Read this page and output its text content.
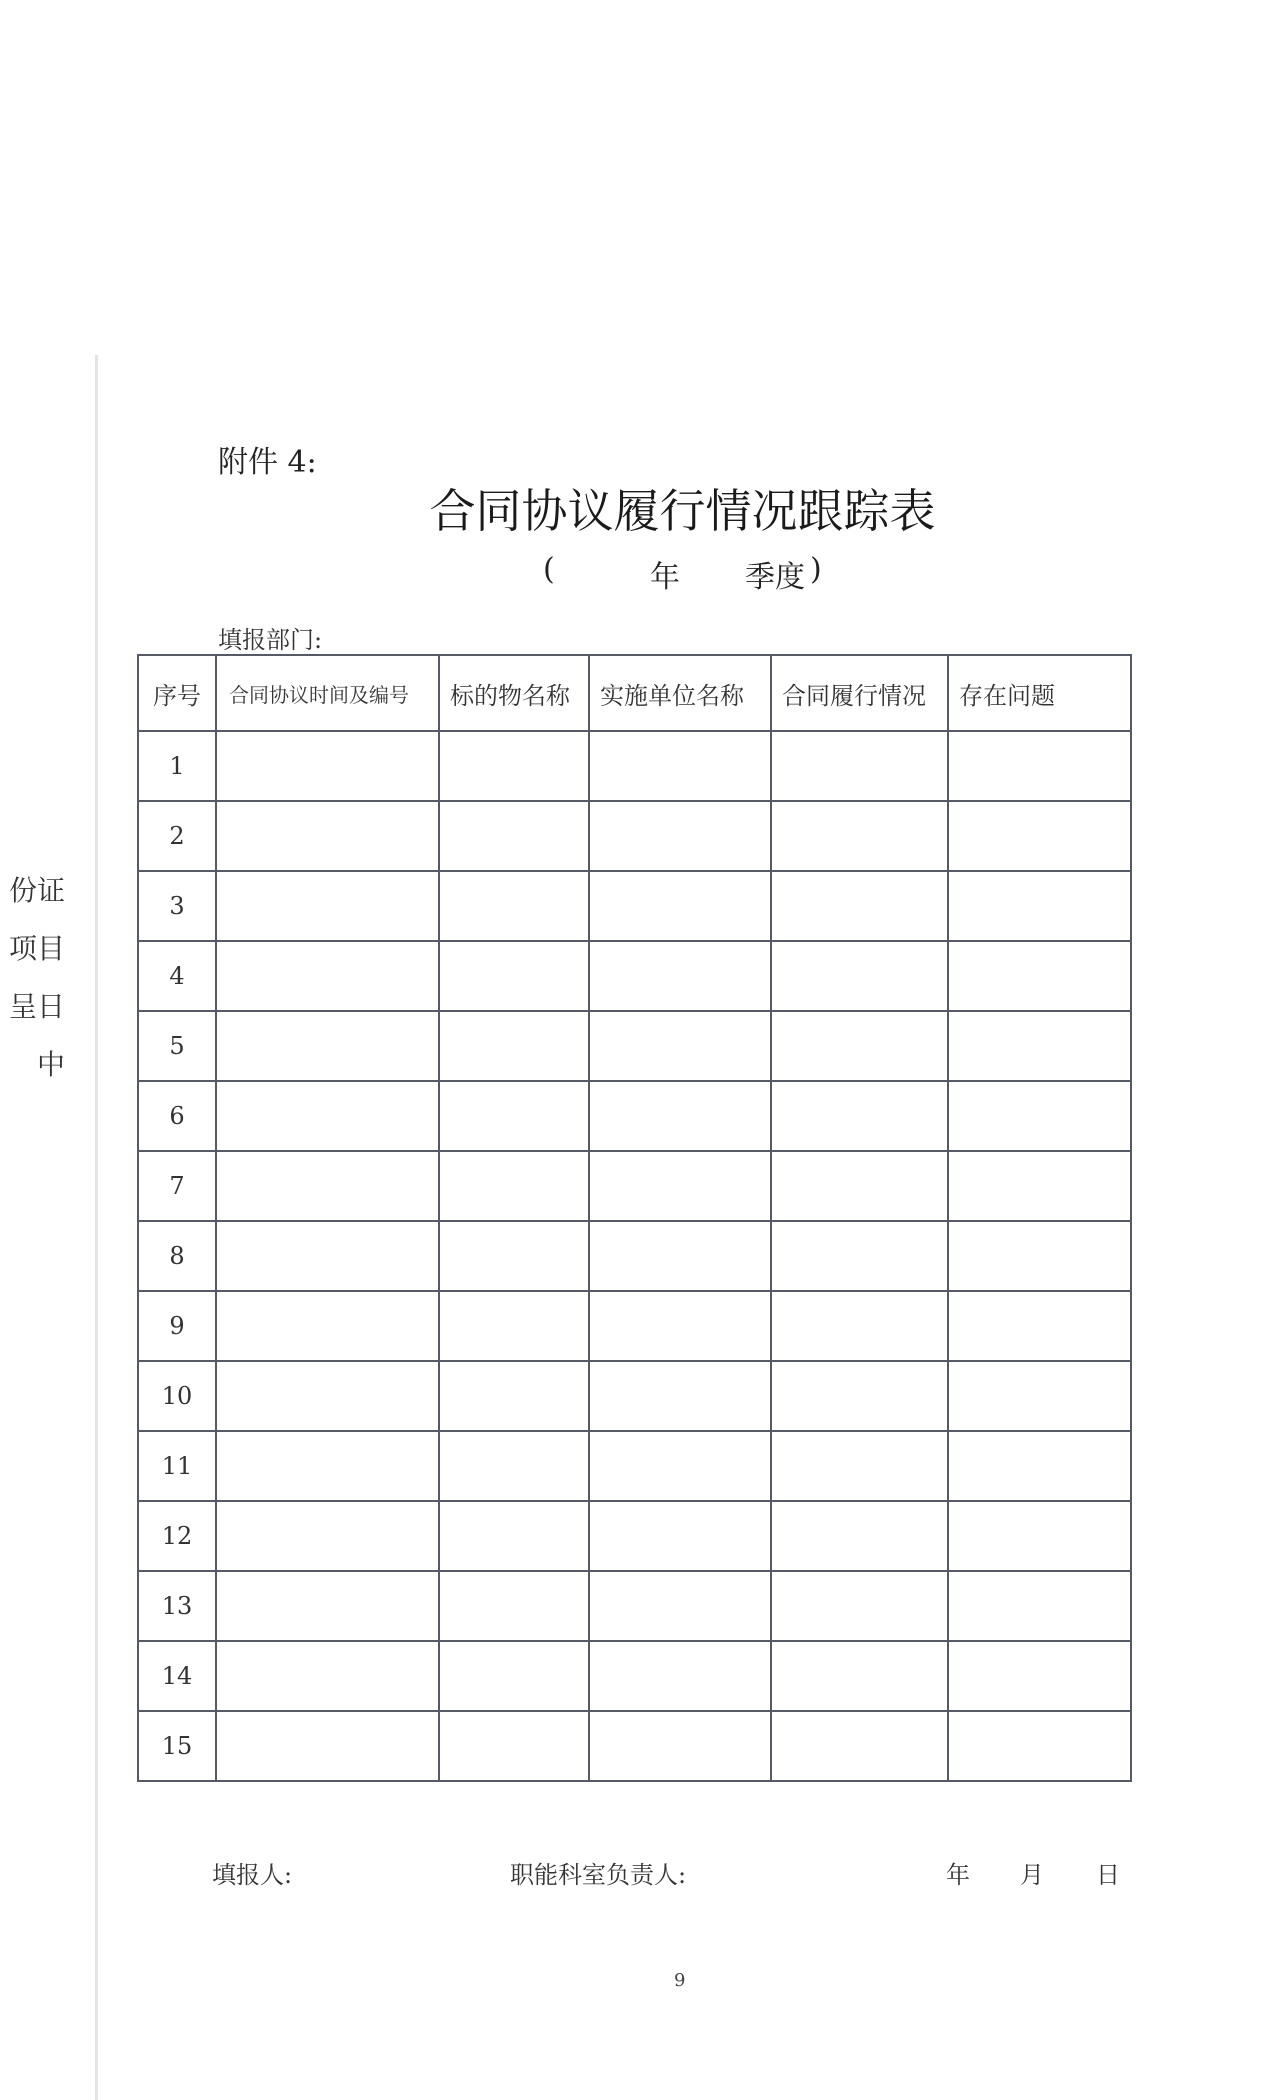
份
项
呈
证
目
日
中
附件 4:
合同协议履行情况跟踪表
(	年 季度 )
填报部门:
序号	合同协议时间及编号	标的物名称	实施单位名称	合同履行情况	存在问题
1					
2					
3					
4					
5					
6					
7					
8					
9					
10					
11					
12					
13					
14					
15					
填报人:	职能科室负责人:	年 月 日
9
